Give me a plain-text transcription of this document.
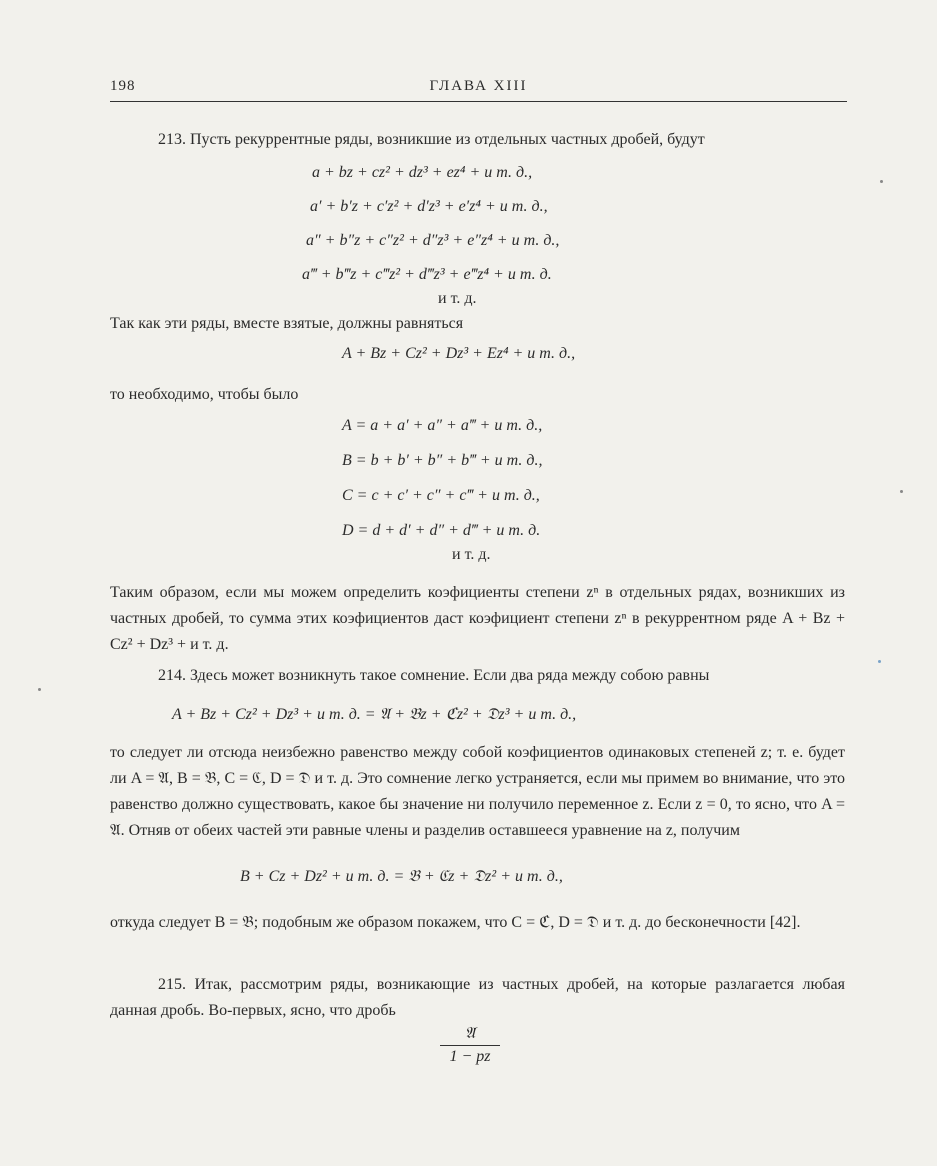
198	ГЛАВА XIII
213. Пусть рекуррентные ряды, возникшие из отдельных частных дробей, будут
a + bz + cz² + dz³ + ez⁴ + и т. д.,
a′ + b′z + c′z² + d′z³ + e′z⁴ + и т. д.,
a″ + b″z + c″z² + d″z³ + e″z⁴ + и т. д.,
a‴ + b‴z + c‴z² + d‴z³ + e‴z⁴ + и т. д.
и т. д.
Так как эти ряды, вместе взятые, должны равняться
A + Bz + Cz² + Dz³ + Ez⁴ + и т. д.,
то необходимо, чтобы было
A = a + a′ + a″ + a‴ + и т. д.,
B = b + b′ + b″ + b‴ + и т. д.,
C = c + c′ + c″ + c‴ + и т. д.,
D = d + d′ + d″ + d‴ + и т. д.
и т. д.
Таким образом, если мы можем определить коэфициенты степени zⁿ в отдельных рядах, возникших из частных дробей, то сумма этих коэфициентов даст коэфициент степени zⁿ в рекуррентном ряде A + Bz + Cz² + Dz³ + и т. д.
214. Здесь может возникнуть такое сомнение. Если два ряда между собою равны
A + Bz + Cz² + Dz³ + и т. д. = 𝔄 + 𝔅z + ℭz² + 𝔇z³ + и т. д.,
то следует ли отсюда неизбежно равенство между собой коэфициентов одинаковых степеней z; т. е. будет ли A = 𝔄, B = 𝔅, C = ℭ, D = 𝔇 и т. д. Это сомнение легко устраняется, если мы примем во внимание, что это равенство должно существовать, какое бы значение ни получило переменное z. Если z = 0, то ясно, что A = 𝔄. Отняв от обеих частей эти равные члены и разделив оставшееся уравнение на z, получим
B + Cz + Dz² + и т. д. = 𝔅 + ℭz + 𝔇z² + и т. д.,
откуда следует B = 𝔅; подобным же образом покажем, что C = ℭ, D = 𝔇 и т. д. до бесконечности [42].
215. Итак, рассмотрим ряды, возникающие из частных дробей, на которые разлагается любая данная дробь. Во-первых, ясно, что дробь
𝔄
1 − pz
